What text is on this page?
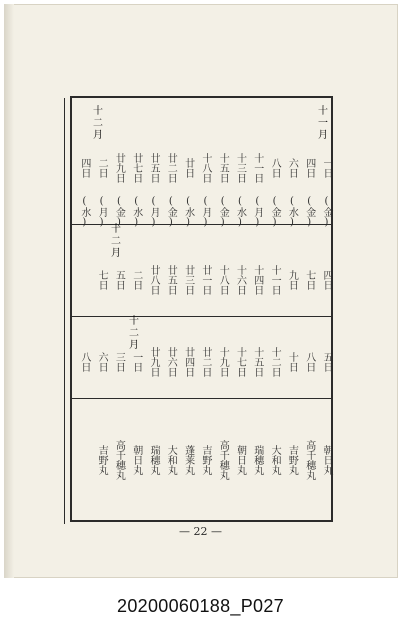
十一月
十二月
十二月
十二月
一日
(金)
四日
(金)
六日
(水)
八日
(金)
十一日
(月)
十三日
(水)
十五日
(金)
十八日
(月)
廿日
(水)
廿二日
(金)
廿五日
(月)
廿七日
(水)
廿九日
(金)
二日
(月)
四日
(水)
四日
七日
九日
十一日
十四日
十六日
十八日
廿一日
廿三日
廿五日
廿八日
二日
五日
七日
五日
八日
十日
十二日
十五日
十七日
十九日
廿二日
廿四日
廿六日
廿九日
一日
三日
六日
八日
朝日丸
高千穗丸
吉野丸
大和丸
瑞穗丸
朝日丸
高千穗丸
吉野丸
蓬莱丸
大和丸
瑞穗丸
朝日丸
高千穗丸
吉野丸
— 22 —
20200060188_P027
